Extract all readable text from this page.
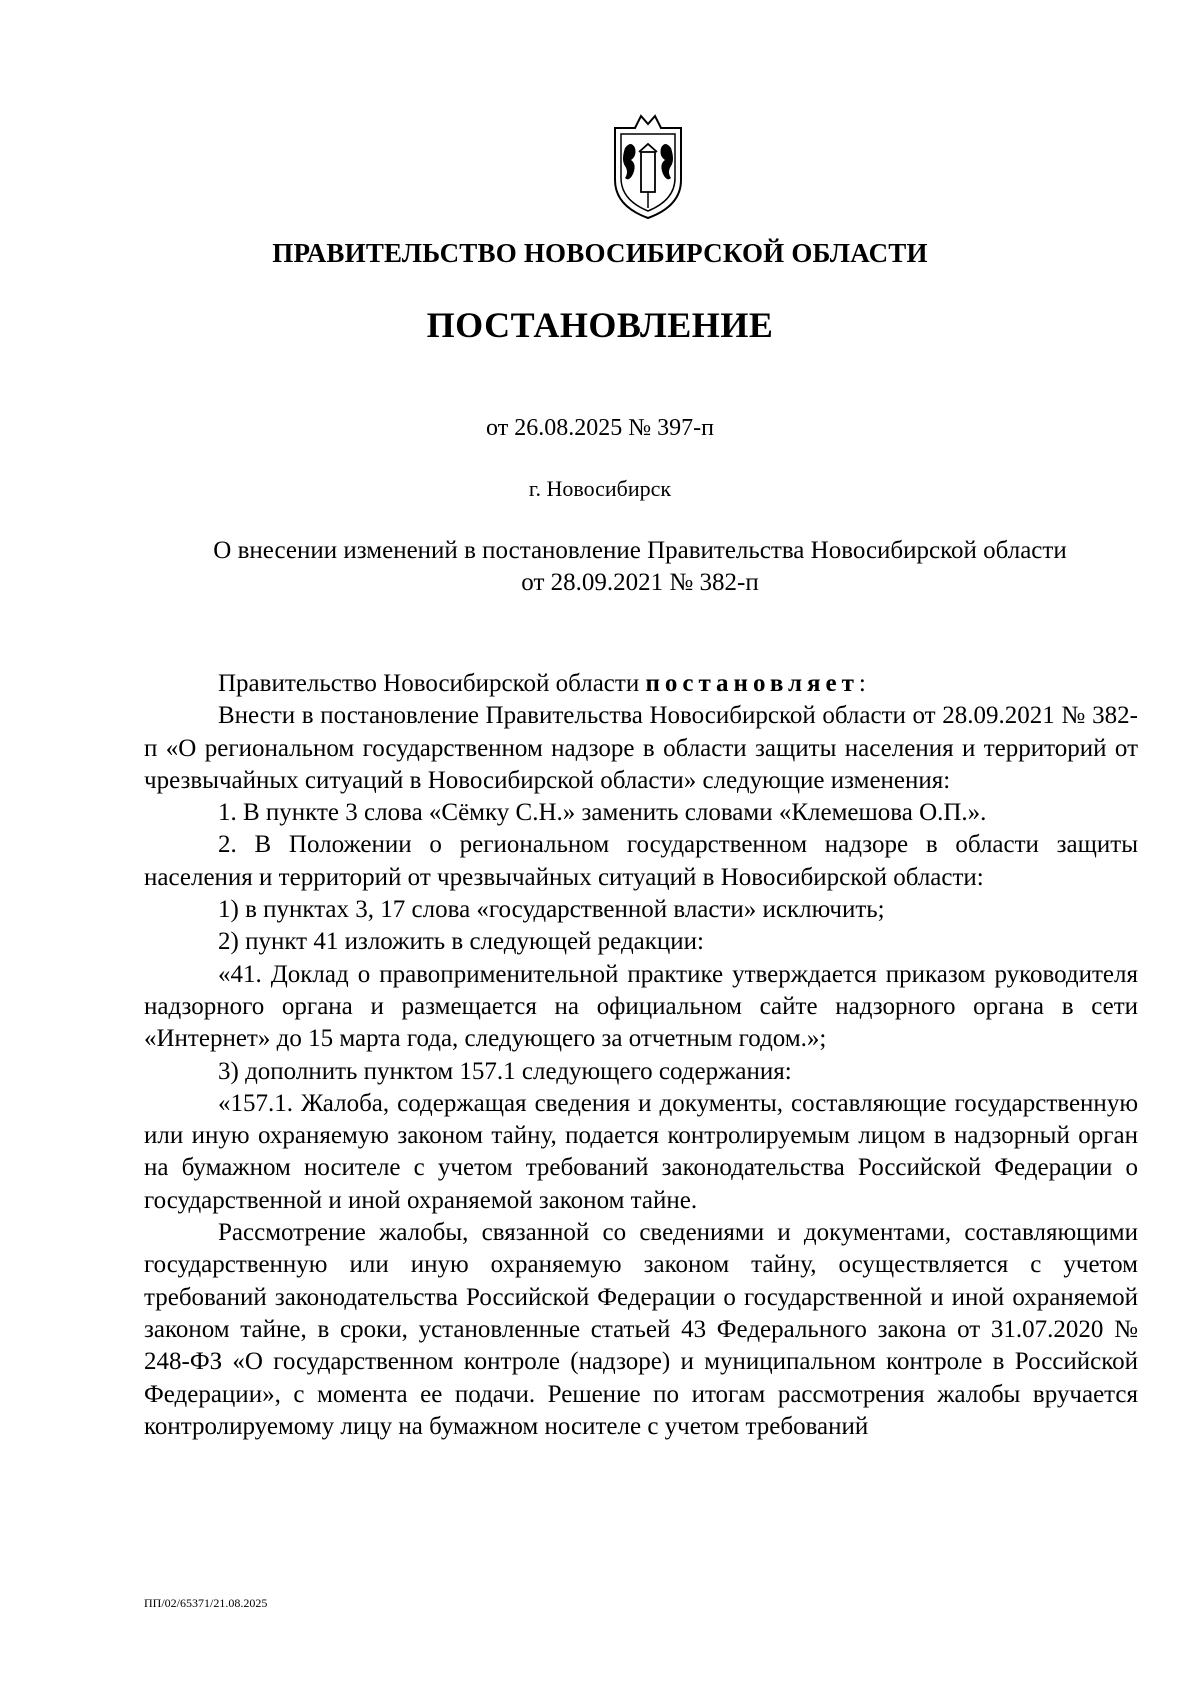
ПРАВИТЕЛЬСТВО НОВОСИБИРСКОЙ ОБЛАСТИ
ПОСТАНОВЛЕНИЕ
от 26.08.2025 № 397-п
г. Новосибирск
О внесении изменений в постановление Правительства Новосибирской области
от 28.09.2021 № 382-п

Правительство Новосибирской области постановляет:

Внести в постановление Правительства Новосибирской области от 28.09.2021 № 382-п «О региональном государственном надзоре в области защиты населения и территорий от чрезвычайных ситуаций в Новосибирской области» следующие изменения:

1. В пункте 3 слова «Сёмку С.Н.» заменить словами «Клемешова О.П.».

2. В Положении о региональном государственном надзоре в области защиты населения и территорий от чрезвычайных ситуаций в Новосибирской области:

1) в пунктах 3, 17 слова «государственной власти» исключить;

2) пункт 41 изложить в следующей редакции:

«41. Доклад о правоприменительной практике утверждается приказом руководителя надзорного органа и размещается на официальном сайте надзорного органа в сети «Интернет» до 15 марта года, следующего за отчетным годом.»;

3) дополнить пунктом 157.1 следующего содержания:

«157.1. Жалоба, содержащая сведения и документы, составляющие государственную или иную охраняемую законом тайну, подается контролируемым лицом в надзорный орган на бумажном носителе с учетом требований законодательства Российской Федерации о государственной и иной охраняемой законом тайне.

Рассмотрение жалобы, связанной со сведениями и документами, составляющими государственную или иную охраняемую законом тайну, осуществляется с учетом требований законодательства Российской Федерации о государственной и иной охраняемой законом тайне, в сроки, установленные статьей 43 Федерального закона от 31.07.2020 № 248-ФЗ «О государственном контроле (надзоре) и муниципальном контроле в Российской Федерации», с момента ее подачи. Решение по итогам рассмотрения жалобы вручается контролируемому лицу на бумажном носителе с учетом требований

ПП/02/65371/21.08.2025
